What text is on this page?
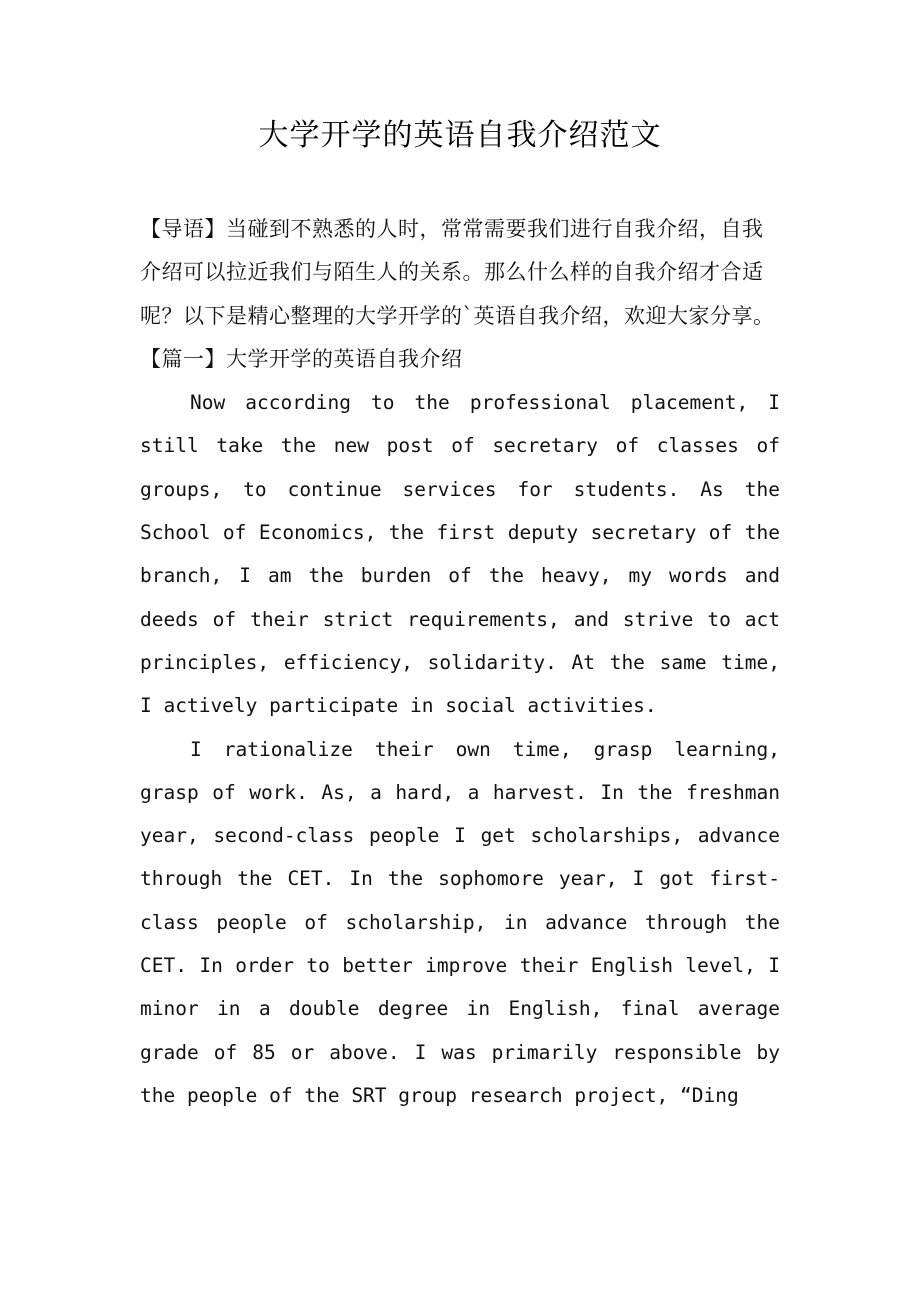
大学开学的英语自我介绍范文

【导语】当碰到不熟悉的人时，常常需要我们进行自我介绍，自我介绍可以拉近我们与陌生人的关系。那么什么样的自我介绍才合适呢？以下是精心整理的大学开学的`英语自我介绍，欢迎大家分享。

【篇一】大学开学的英语自我介绍

Now according to the professional placement, I still take the new post of secretary of classes of groups, to continue services for students. As the School of Economics, the first deputy secretary of the branch, I am the burden of the heavy, my words and deeds of their strict requirements, and strive to act principles, efficiency, solidarity. At the same time, I actively participate in social activities.

I rationalize their own time, grasp learning, grasp of work. As, a hard, a harvest. In the freshman year, second-class people I get scholarships, advance through the CET. In the sophomore year, I got first-class people of scholarship, in advance through the CET. In order to better improve their English level, I minor in a double degree in English, final average grade of 85 or above. I was primarily responsible by the people of the SRT group research project, “Ding
